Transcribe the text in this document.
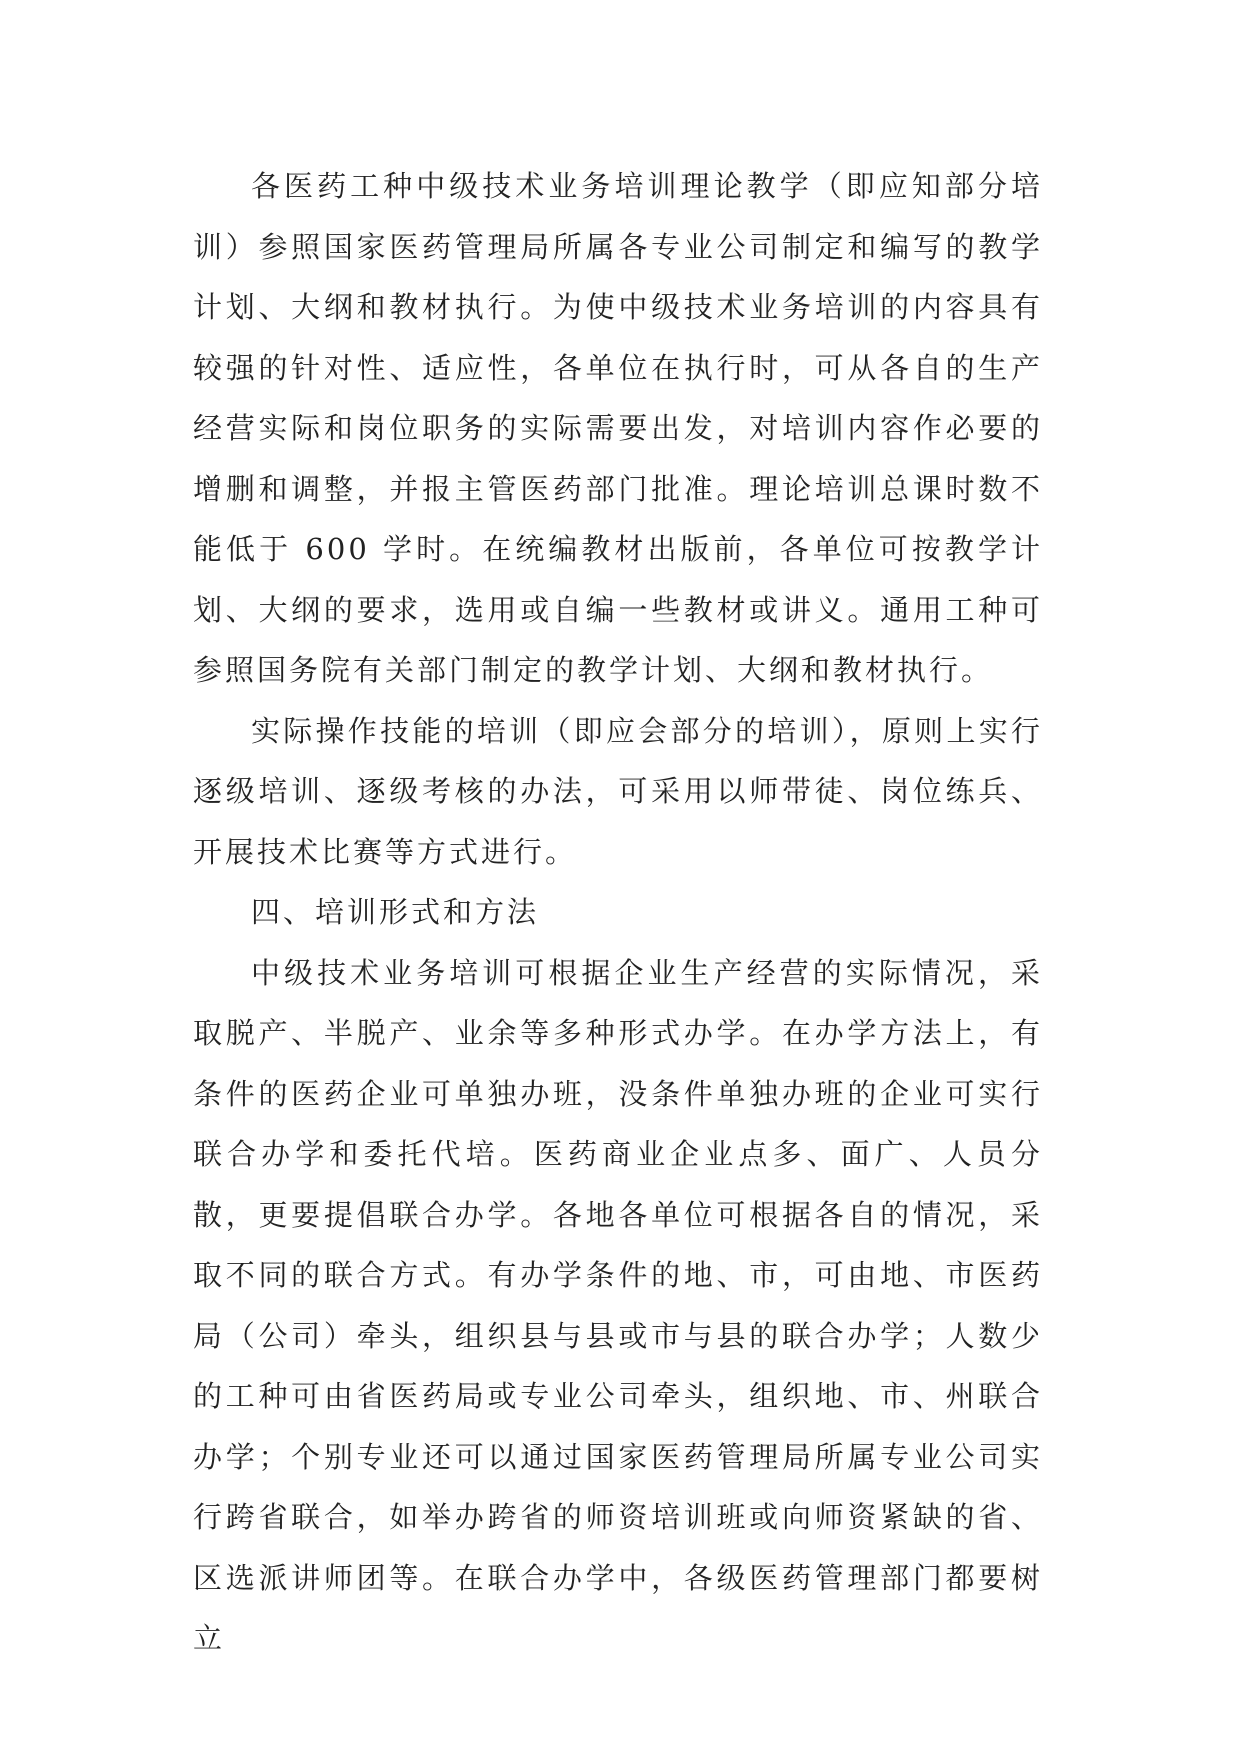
各医药工种中级技术业务培训理论教学（即应知部分培训）参照国家医药管理局所属各专业公司制定和编写的教学计划、大纲和教材执行。为使中级技术业务培训的内容具有较强的针对性、适应性，各单位在执行时，可从各自的生产经营实际和岗位职务的实际需要出发，对培训内容作必要的增删和调整，并报主管医药部门批准。理论培训总课时数不能低于 600 学时。在统编教材出版前，各单位可按教学计划、大纲的要求，选用或自编一些教材或讲义。通用工种可参照国务院有关部门制定的教学计划、大纲和教材执行。

实际操作技能的培训（即应会部分的培训），原则上实行逐级培训、逐级考核的办法，可采用以师带徒、岗位练兵、开展技术比赛等方式进行。

四、培训形式和方法

中级技术业务培训可根据企业生产经营的实际情况，采取脱产、半脱产、业余等多种形式办学。在办学方法上，有条件的医药企业可单独办班，没条件单独办班的企业可实行联合办学和委托代培。医药商业企业点多、面广、人员分散，更要提倡联合办学。各地各单位可根据各自的情况，采取不同的联合方式。有办学条件的地、市，可由地、市医药局（公司）牵头，组织县与县或市与县的联合办学；人数少的工种可由省医药局或专业公司牵头，组织地、市、州联合办学；个别专业还可以通过国家医药管理局所属专业公司实行跨省联合，如举办跨省的师资培训班或向师资紧缺的省、区选派讲师团等。在联合办学中，各级医药管理部门都要树立
